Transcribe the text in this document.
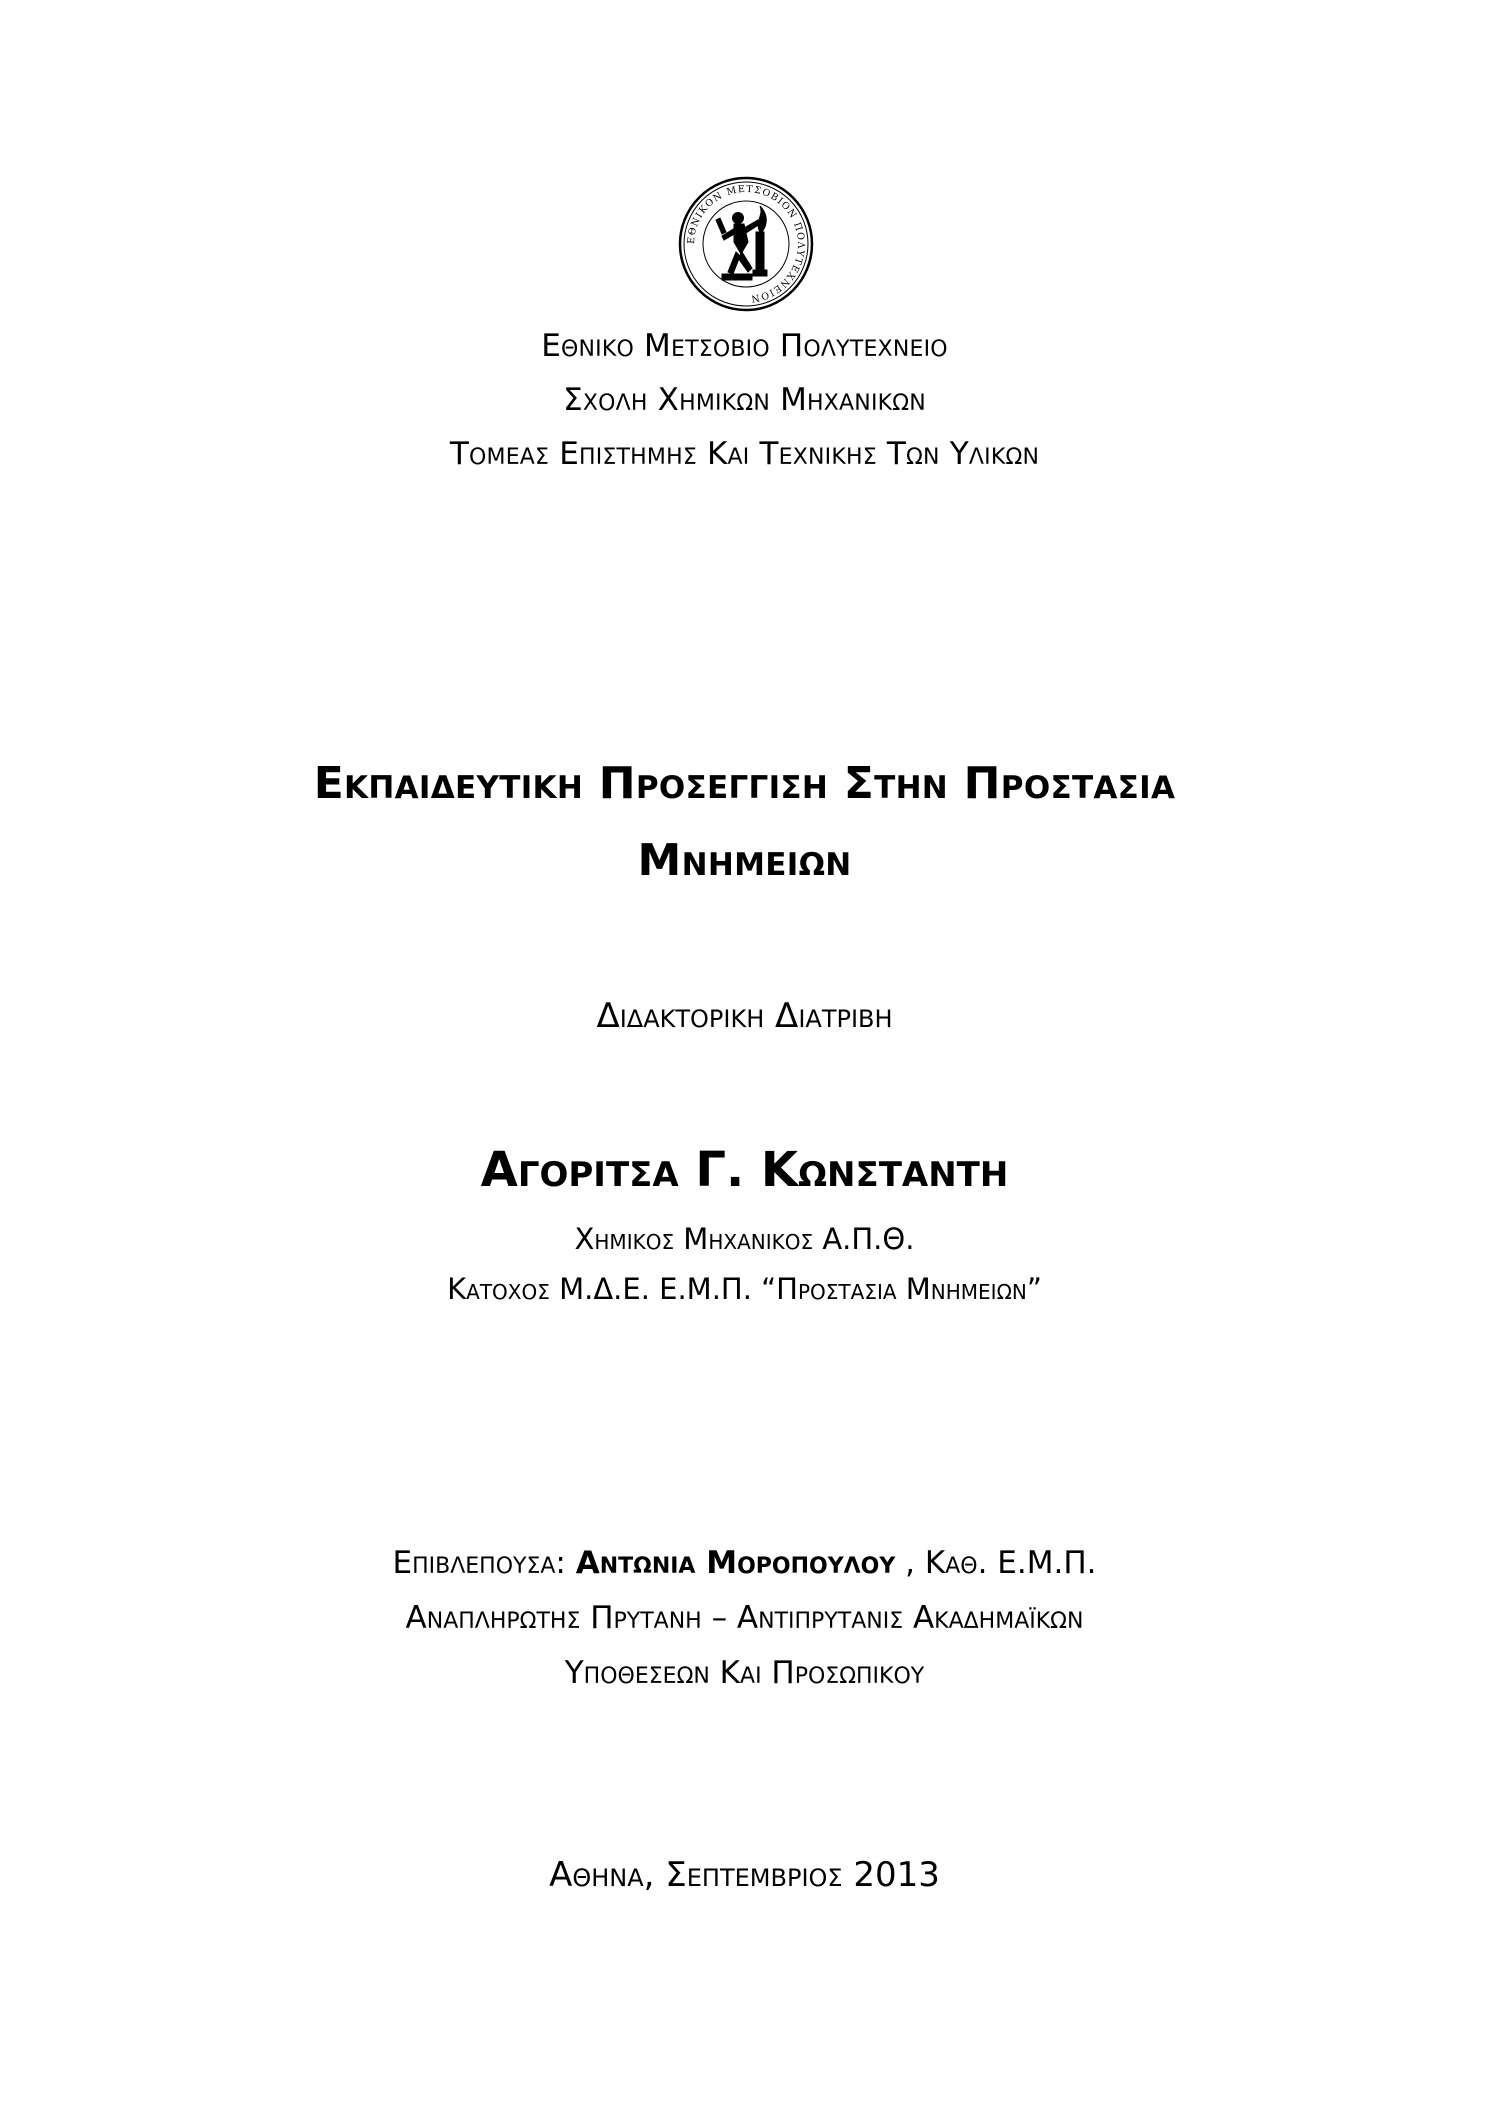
ΕΘΝΙΚΟΝ ΜΕΤΣΟΒΙΟΝ ΠΟΛΥΤΕΧΝΕΙΟΝ
Εθνικο Μετσοβιο Πολυτεχνειο
Σχολη Χημικων Μηχανικων
Τομεας Επιστημης Και Τεχνικης Των Υλικων
Εκπαιδευτικη Προσεγγιση Στην Προστασια
Μνημειων
Διδακτορικη Διατριβη
Αγοριτσα Γ. Κωνσταντη
Χημικος Μηχανικος Α.Π.Θ.
Κατοχος Μ.Δ.Ε. Ε.Μ.Π. “Προστασια Μνημειων”
Επιβλεπουσα: Αντωνια Μοροπουλου , Καθ. Ε.Μ.Π.
Αναπληρωτης Πρυτανη – Αντιπρυτανις Ακαδημαϊκων
Υποθεσεων Και Προσωπικου
Αθηνα, Σεπτεμβριος 2013
